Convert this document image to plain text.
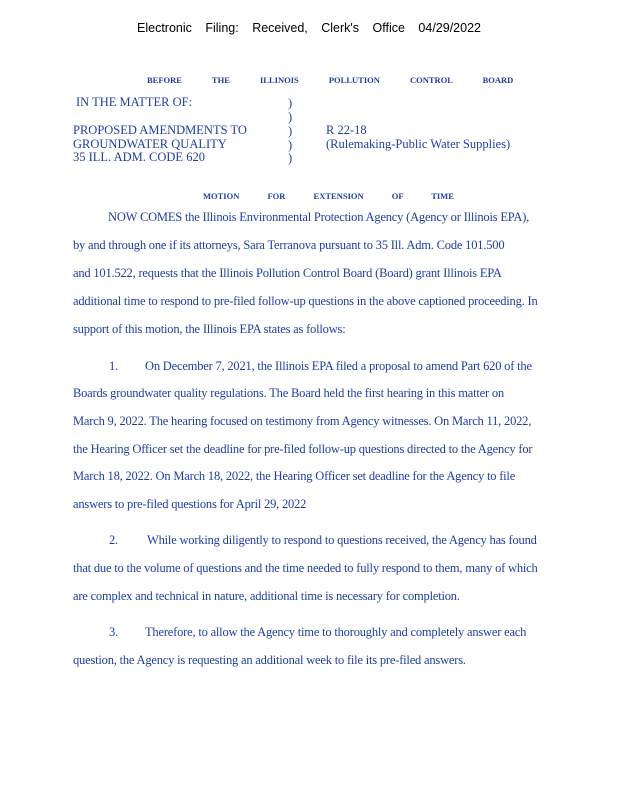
Electronic Filing: Received, Clerk's Office 04/29/2022
BEFORE THE ILLINOIS POLLUTION CONTROL BOARD
IN THE MATTER OF:	)
)
PROPOSED AMENDMENTS TO	)	R 22-18
GROUNDWATER QUALITY	)	(Rulemaking-Public Water Supplies)
35 ILL. ADM. CODE 620	)
MOTION FOR EXTENSION OF TIME
NOW COMES the Illinois Environmental Protection Agency (Agency or Illinois EPA),
by and through one if its attorneys, Sara Terranova pursuant to 35 Ill. Adm. Code 101.500
and 101.522, requests that the Illinois Pollution Control Board (Board) grant Illinois EPA
additional time to respond to pre-filed follow-up questions in the above captioned proceeding. In
support of this motion, the Illinois EPA states as follows:
1. On December 7, 2021, the Illinois EPA filed a proposal to amend Part 620 of the
Boards groundwater quality regulations. The Board held the first hearing in this matter on
March 9, 2022. The hearing focused on testimony from Agency witnesses. On March 11, 2022,
the Hearing Officer set the deadline for pre-filed follow-up questions directed to the Agency for
March 18, 2022. On March 18, 2022, the Hearing Officer set deadline for the Agency to file
answers to pre-filed questions for April 29, 2022
2. While working diligently to respond to questions received, the Agency has found
that due to the volume of questions and the time needed to fully respond to them, many of which
are complex and technical in nature, additional time is necessary for completion.
3. Therefore, to allow the Agency time to thoroughly and completely answer each
question, the Agency is requesting an additional week to file its pre-filed answers.
